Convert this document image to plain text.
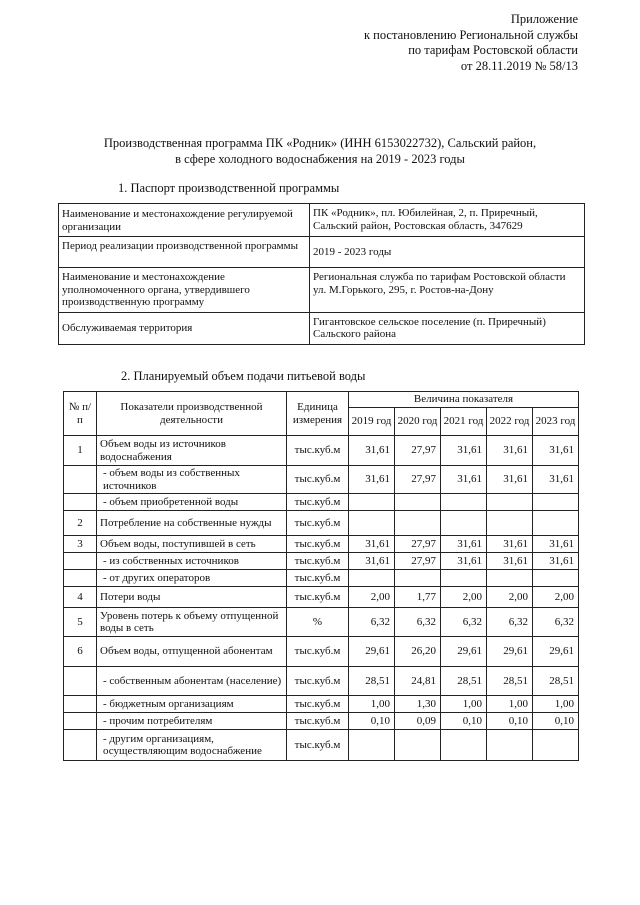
Приложение
к постановлению Региональной службы
по тарифам Ростовской области
от 28.11.2019 № 58/13
Производственная программа ПК «Родник» (ИНН 6153022732), Сальский район,
в сфере холодного водоснабжения на 2019 - 2023 годы
1. Паспорт производственной программы
Наименование и местонахождение регулируемой организации	ПК «Родник», пл. Юбилейная, 2, п. Приречный, Сальский район, Ростовская область, 347629
Период реализации производственной программы	2019 - 2023 годы
Наименование и местонахождение уполномоченного органа, утвердившего производственную программу	Региональная служба по тарифам Ростовской области ул. М.Горького, 295, г. Ростов-на-Дону
Обслуживаемая территория	Гигантовское сельское поселение (п. Приречный) Сальского района
2. Планируемый объем подачи питьевой воды
№ п/п	Показатели производственной деятельности	Единица измерения	Величина показателя				
			2019 год	2020 год	2021 год	2022 год	2023 год
1	Объем воды из источников водоснабжения	тыс.куб.м	31,61	27,97	31,61	31,61	31,61
	- объем воды из собственных источников	тыс.куб.м	31,61	27,97	31,61	31,61	31,61
	- объем приобретенной воды	тыс.куб.м					
2	Потребление на собственные нужды	тыс.куб.м					
3	Объем воды, поступившей в сеть	тыс.куб.м	31,61	27,97	31,61	31,61	31,61
	- из собственных источников	тыс.куб.м	31,61	27,97	31,61	31,61	31,61
	- от других операторов	тыс.куб.м					
4	Потери воды	тыс.куб.м	2,00	1,77	2,00	2,00	2,00
5	Уровень потерь к объему отпущенной воды в сеть	%	6,32	6,32	6,32	6,32	6,32
6	Объем воды, отпущенной абонентам	тыс.куб.м	29,61	26,20	29,61	29,61	29,61
	- собственным абонентам (население)	тыс.куб.м	28,51	24,81	28,51	28,51	28,51
	- бюджетным организациям	тыс.куб.м	1,00	1,30	1,00	1,00	1,00
	- прочим потребителям	тыс.куб.м	0,10	0,09	0,10	0,10	0,10
	- другим организациям, осуществляющим водоснабжение	тыс.куб.м					
